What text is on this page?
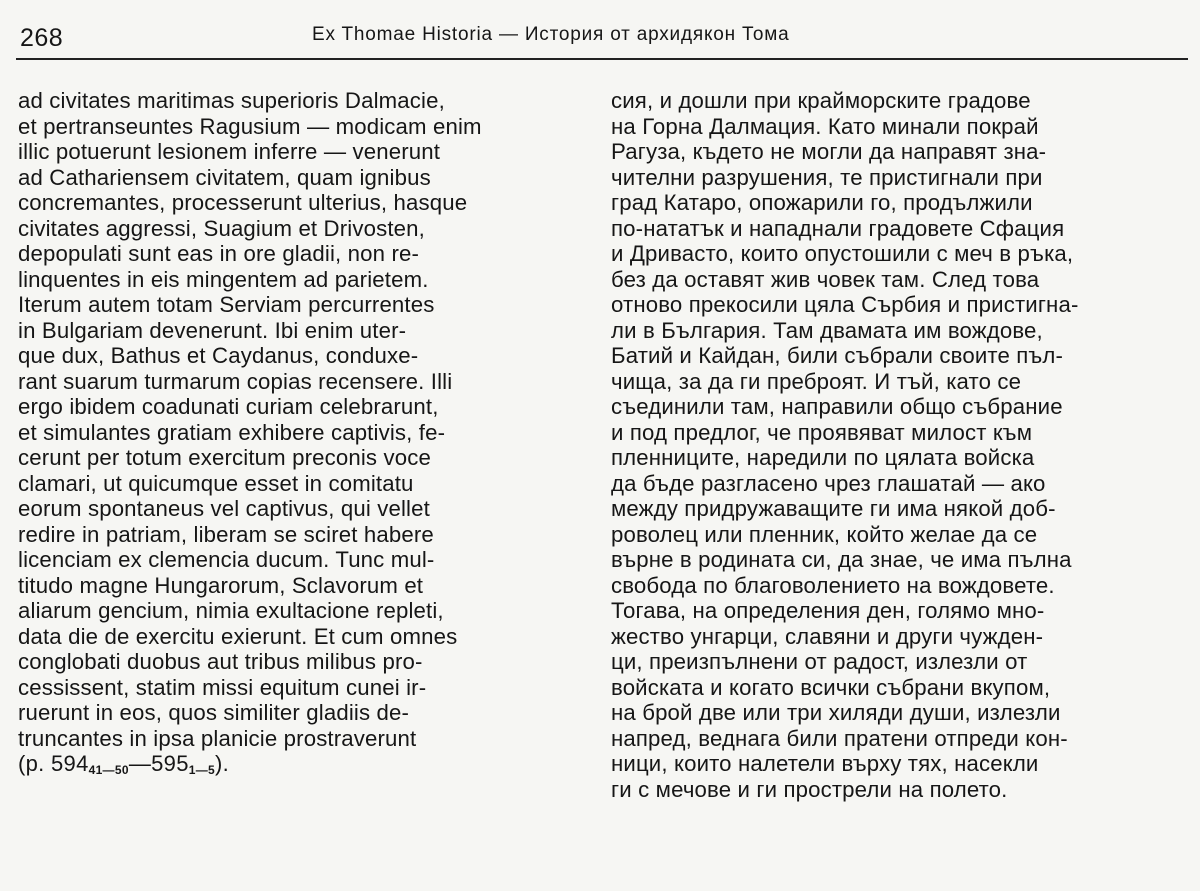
268	Ex Thomae Historia — История от архидякон Тома
ad civitates maritimas superioris Dalmacie,
et pertranseuntes Ragusium — modicam enim
illic potuerunt lesionem inferre — venerunt
ad Cathariensem civitatem, quam ignibus
concremantes, processerunt ulterius, hasque
civitates aggressi, Suagium et Drivosten,
depopulati sunt eas in ore gladii, non re-
linquentes in eis mingentem ad parietem.
Iterum autem totam Serviam percurrentes
in Bulgariam devenerunt. Ibi enim uter-
que dux, Bathus et Caydanus, conduxe-
rant suarum turmarum copias recensere. Illi
ergo ibidem coadunati curiam celebrarunt,
et simulantes gratiam exhibere captivis, fe-
cerunt per totum exercitum preconis voce
clamari, ut quicumque esset in comitatu
eorum spontaneus vel captivus, qui vellet
redire in patriam, liberam se sciret habere
licenciam ex clemencia ducum. Tunc mul-
titudo magne Hungarorum, Sclavorum et
aliarum gencium, nimia exultacione repleti,
data die de exercitu exierunt. Et cum omnes
conglobati duobus aut tribus milibus pro-
cessissent, statim missi equitum cunei ir-
ruerunt in eos, quos similiter gladiis de-
truncantes in ipsa planicie prostraverunt
(p. $594_{41—50}—595_{1—5}$).
сия, и дошли при крайморските градове
на Горна Далмация. Като минали покрай
Рагуза, където не могли да направят зна-
чителни разрушения, те пристигнали при
град Катаро, опожарили го, продължили
по-нататък и нападнали градовете Сфация
и Дривасто, които опустошили с меч в ръка,
без да оставят жив човек там. След това
отново прекосили цяла Сърбия и пристигна-
ли в България. Там двамата им вождове,
Батий и Кайдан, били събрали своите пъл-
чища, за да ги преброят. И тъй, като се
съединили там, направили общо събрание
и под предлог, че проявяват милост към
пленниците, наредили по цялата войска
да бъде разгласено чрез глашатай — ако
между придружаващите ги има някой доб-
роволец или пленник, който желае да се
върне в родината си, да знае, че има пълна
свобода по благоволението на вождовете.
Тогава, на определения ден, голямо мно-
жество унгарци, славяни и други чужден-
ци, преизпълнени от радост, излезли от
войската и когато всички събрани вкупом,
на брой две или три хиляди души, излезли
напред, веднага били пратени отпреди кон-
ници, които налетели върху тях, насекли
ги с мечове и ги прострели на полето.
